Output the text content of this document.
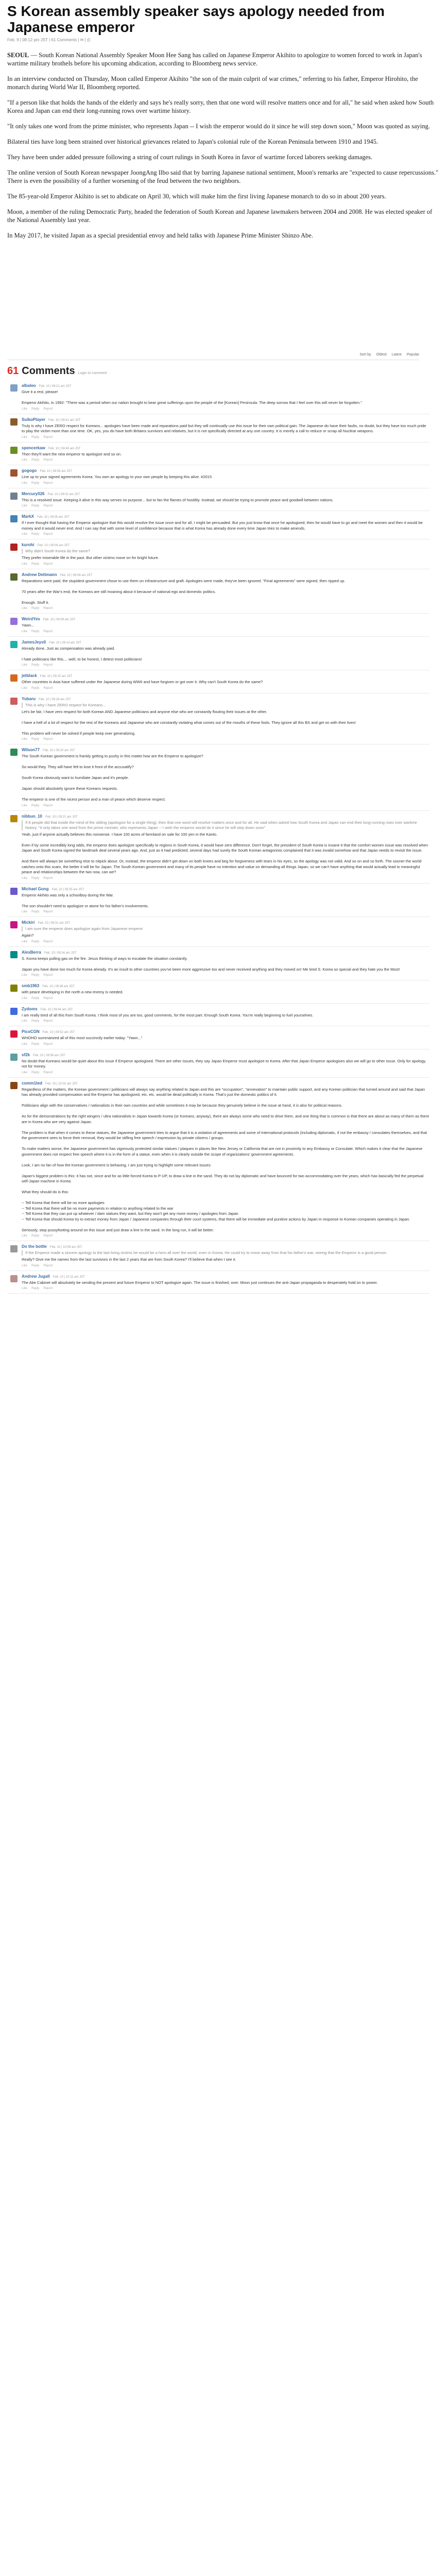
S Korean assembly speaker says apology needed from Japanese emperor
Feb. 9 | 08:12 pm JST | 61 Comments | ✉ | ⎙

SEOUL — South Korean National Assembly Speaker Moon Hee Sang has called on Japanese Emperor Akihito to apologize to women forced to work in Japan's wartime military brothels before his upcoming abdication, according to Bloomberg news service.

In an interview conducted on Thursday, Moon called Emperor Akihito "the son of the main culprit of war crimes," referring to his father, Emperor Hirohito, the monarch during World War II, Bloomberg reported.

"If a person like that holds the hands of the elderly and says he's really sorry, then that one word will resolve matters once and for all," he said when asked how South Korea and Japan can end their long-running rows over wartime history.

"It only takes one word from the prime minister, who represents Japan -- I wish the emperor would do it since he will step down soon," Moon was quoted as saying.

Bilateral ties have long been strained over historical grievances related to Japan's colonial rule of the Korean Peninsula between 1910 and 1945.

They have been under added pressure following a string of court rulings in South Korea in favor of wartime forced laborers seeking damages.

The online version of South Korean newspaper JoongAng Ilbo said that by barring Japanese national sentiment, Moon's remarks are "expected to cause repercussions." There is even the possibility of a further worsening of the feud between the two neighbors.

The 85-year-old Emperor Akihito is set to abdicate on April 30, which will make him the first living Japanese monarch to do so in about 200 years.

Moon, a member of the ruling Democratic Party, headed the federation of South Korean and Japanese lawmakers between 2004 and 2008. He was elected speaker of the National Assembly last year.

In May 2017, he visited Japan as a special presidential envoy and held talks with Japanese Prime Minister Shinzo Abe.

Sort by Oldest Latest Popular
61 Comments Login to comment
albaleo Feb. 10 | 08:21 am JST
Give it a rest, please!

Emperor Akihito, in 1992: "There was a period when our nation brought to bear great sufferings upon the people of the [Korean] Peninsula. The deep sorrow that I feel over this will never be forgotten."
Like Reply Report
SuikoPlayer Feb. 10 | 08:41 am JST
Truly is why I have ZERO respect for Koreans... apologies have been made and reparations paid but they will continually use this issue for their own political gain. The Japanese do have their faults, no doubt, but they have too much pride to play the victim more than one time. OK, yes, you do have both Britains survivors and relatives, but it is not specifically directed at any one country. It is merely a call to reduce or scrap all Nuclear weapons.
Like Reply Report
spencerkaw Feb. 10 | 08:48 am JST
Then they'll want the new emperor to apologize and so on.
Like Reply Report
gogogo Feb. 10 | 08:56 am JST
Line up to your signed agreements Korea. You own an apology to your own people by keeping this alive. #2015
Like Reply Report
Mercury026 Feb. 10 | 09:02 am JST
This is a resolved issue. Keeping it alive in this way serves no purpose... but to fan the flames of hostility. Instead, we should be trying to promote peace and goodwill between nations.
Like Reply Report
MarkX Feb. 10 | 09:05 am JST
If I ever thought that having the Emperor apologize that this would resolve the issue once and for all, I might be persuaded. But you just know that once he apologized, then he would have to go and meet the women and then it would be money and it would never end. And I can say that with some level of confidence because that is what Korea has already done every time Japan tries to make amends.
Like Reply Report
kurohi Feb. 10 | 09:06 am JST
Why didn't South Korea do the same?
They prefer miserable life in the past. But other victims move on for bright future.
Like Reply Report
Andrew Dettmann Feb. 10 | 09:08 am JST
Reparations were paid, the stupidest government chose to use them on infrastructure and graft. Apologies were made, they've been ignored. "Final agreements" were signed, then ripped up.

70 years after the War's end, the Koreans are still moaning about it because of national ego and domestic politics.

Enough. Stuff it.
Like Reply Report
WeirdYes Feb. 10 | 09:09 am JST
Yawn...
Like Reply Report
JamesJeys0 Feb. 10 | 09:14 am JST
Already done. Just as compensation was already paid.

I hate politicians like this.... well, to be honest, I detest most politicians!
Like Reply Report
jetblack Feb. 10 | 09:15 am JST
Other countries in Asia have suffered under the Japanese during WWII and have forgiven or got over it. Why can't South Korea do the same?
Like Reply Report
Yubaru Feb. 10 | 09:18 am JST
This is why I have ZERO respect for Koreans...
Let's be fair, I have zero respect for both Korean AND Japanese politicians and anyone else who are constantly flouting their issues at the other.

I have a hell of a lot of respect for the rest of the Koreans and Japanese who are constantly violating what comes out of the mouths of these fools. They ignore all this BS and get on with their lives!

This problem will never be solved if people keep over generalizing.
Like Reply Report
Wilson77 Feb. 10 | 09:20 am JST
The South Korean government is frankly getting to pushy in this matter.how are the Emperor to apologize?

So would they. They will have felt to lose it front of the accusatify?

South Korea obviously want to humiliate Japan and it's people.

Japan should absolutely ignore these Koreans requests.

The emperor is one of the nicest person and a man of peace which deserve respect.
Like Reply Report
nibbun_10 Feb. 10 | 09:21 am JST
If 8 people did that inside the mind of the sibling (apologize for a single thing), then that one word will resolve matters once and for all. He said when asked how South Korea and Japan can end their long-running rows over wartime history. "It only takes one word from the prime minister, who represents Japan -- I wish the emperor would do it since he will step down soon"
Yeah, just if anyone actually believes this nonsense. I have 100 acres of farmland on sale for 100 yen in the Kanto.

Even if by some incredibly long odds, the emperor does apologize specifically to regions in South Korea, it would have zero difference. Don't forget, the president of South Korea is insane it that the comfort women issue was resolved when Japan and South Korea signed the landmark deal several years ago. And, just as it had predicted, several days had surely the South Korean antagonists complained that it was invalid somehow and that Japan needs to revisit the issue.

And there will always be something else to nitpick about. Or, instead, the emperor didn't get down on both knees and beg for forgiveness with tears in his eyes, so the apology was not valid. And so on and so forth. The sooner the world catches onto this scam, the better it will be for Japan. The South Korean government and many of its people have no intention and value on demanding all things Japan, so we can't have anything that would actually lead to meaningful peace and relationships between the two now, can we?
Like Reply Report
Michael Gong Feb. 10 | 09:25 am JST
Emperor Akihito was only a schoolboy during the War.

The son shouldn't need to apologize or atone for his father's involvements.
Like Reply Report
Mickiri Feb. 10 | 09:31 am JST
I am sure the emperor does apologize again from Japanese emperor
Again?
Like Reply Report
AlexBerra Feb. 10 | 09:34 am JST
S. Korea keeps pulling gas on the fire. Jesus thinking of ways to escalate the situation constantly.

Japan you have done too much for Korea already. It's an insult to other countries you've been more aggressive too and never received anything and they moved on! Me tired S. Korea so special and they hate you the Most!
Like Reply Report
smb1963 Feb. 10 | 09:38 am JST
with peace developing in the north a new enemy is needed.
Like Reply Report
Zydoms Feb. 10 | 09:44 am JST
I am really tired of all this from South Korea. I think most of you are too, good comments, for the most part. Enough South Korea. You're really beginning to fuel yourselves.
Like Reply Report
PicoCON Feb. 10 | 09:52 am JST
WHOHO summarized all of this most succinctly earlier today: "Yawn..."
Like Reply Report
sf2k Feb. 10 | 09:58 am JST
No doubt that Koreans would be quiet about this issue if Emperor apologised. There are other issues, they say Japan Emperor must apologize to Korea. After that Japan Emperor apologises also we will go to other issue. Only for apology, not for money.
Like Reply Report
comm1ted Feb. 10 | 10:02 am JST
Regardless of the matters, the Korean government / politicians will always say anything related to Japan and this are "occupation", "annexation" to maintain public support, and any Korean politician that turned around and said that Japan has already provided compensation and the Emperor has apologized, etc. etc. would be dead politically in Korea. That's just the domestic politics of it.

Politicians align with the conservatives / nationalists in their own countries and while sometimes it may be because they genuinely believe in the issue at hand, it is also for political reasons.

As for the demonstrations by the right wingers / ultra nationalists in Japan towards Korea (or Koreans, anyway), there are always some who need to drive them, and one thing that is common is that there are about as many of them as there are in Korea who are very against Japan.

The problem is that when it comes to these statues, the Japanese government tries to argue that it is a violation of agreements and some of international protocols (including diplomatic, if not the embassy / consulates themselves, and that the government sees to force their removal, they would be stifling free speech / expression by private citizens / groups.

To make matters worse, the Japanese government has vigorously protested similar statues / plaques in places like New Jersey or California that are not in proximity to any Embassy or Consulate. Which makes it clear that the Japanese government does not respect free speech where it is in the form of a statue, even when it is clearly outside the scope of organizations' government agreements.

Look, I am no fan of how the Korean government is behaving, I am just trying to highlight some relevant issues:

Japan's biggest problem is this: it has not, since and for as little forced Korea to P-UP, to draw a line in the sand. They do not lay diplomatic and have bounced for two accommodating over the years, which has basically fed the perpetual self-Japan machine in Korea.

What they should do is this:

-- Tell Korea that there will be no more apologies
-- Tell Korea that there will be no more payments in relation to anything related to the war
-- Tell Korea that they can put up whatever / dam statues they want, but they won't get any more money / apologies from Japan
-- Tell Korea that should Korea try to extract money from Japan / Japanese companies through their court systems, that there will be immediate and punitive actions by Japan in response to Korean companies operating in Japan.

Seriously, stop pussyfooting around on this issue and just draw a line in the sand. In the long run, it will be better.
Like Reply Report
Do the bottle Feb. 10 | 10:08 am JST
If the Emperor made a sincere apology to the last living victims he would be a hero all over the world, even in Korea. He could try to move away from that his father's war, seeing that the Emperor is a good person.
Really? Give me the names from the last survivors in the last 2 years that are from South Korea? I'll believe that when I see it.
Like Reply Report
Andrew Jugall Feb. 10 | 10:11 am JST
The Abe Cabinet will absolutely be sending the present and future Emperor to NOT apologize again. The issue is finished, over. Moon just continues the anti-Japan propaganda to desperately hold on to power.
Like Reply Report
